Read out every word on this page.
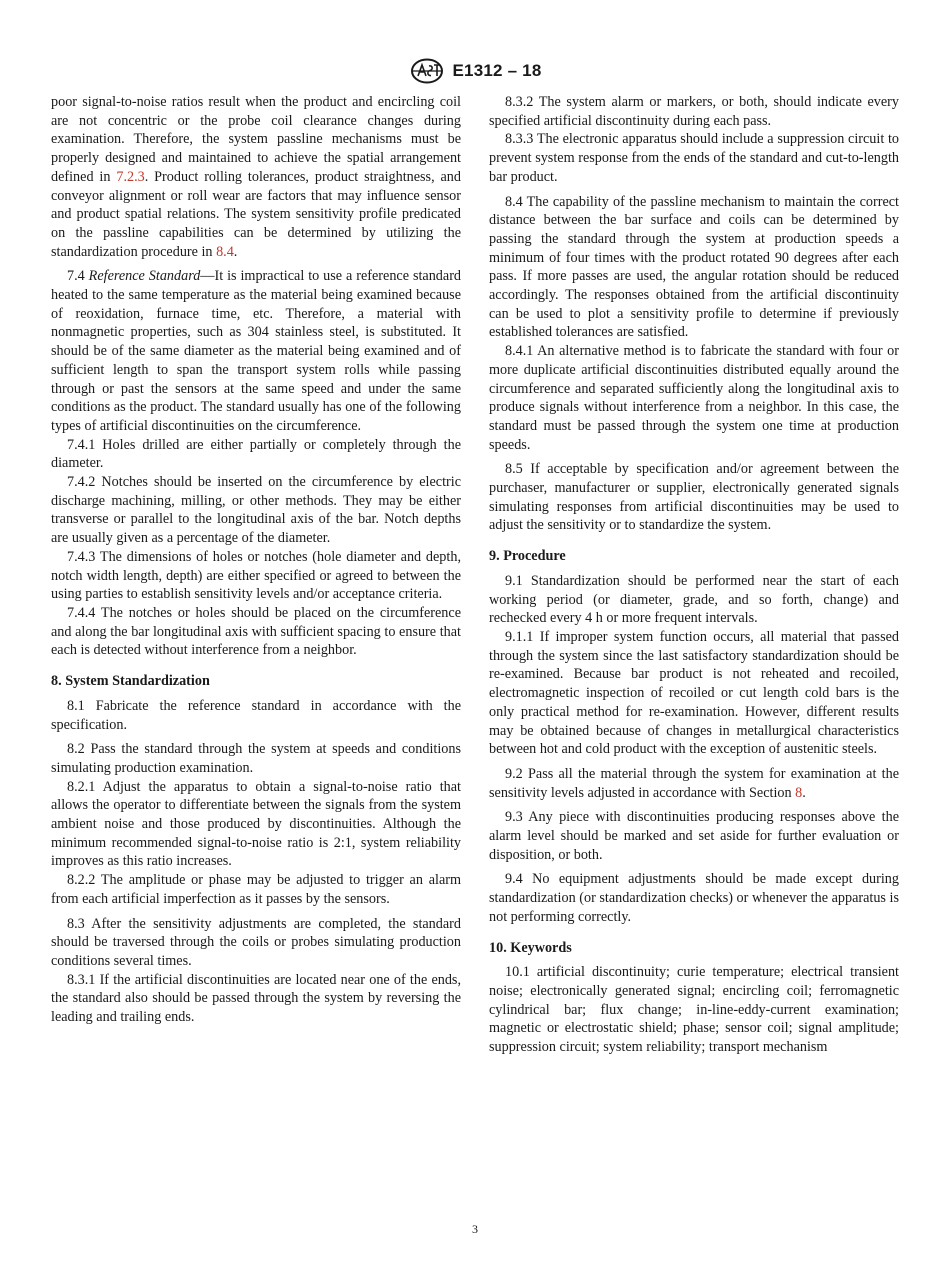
E1312 – 18

poor signal-to-noise ratios result when the product and encircling coil are not concentric or the probe coil clearance changes during examination. Therefore, the system passline mechanisms must be properly designed and maintained to achieve the spatial arrangement defined in 7.2.3. Product rolling tolerances, product straightness, and conveyor alignment or roll wear are factors that may influence sensor and product spatial relations. The system sensitivity profile predicated on the passline capabilities can be determined by utilizing the standardization procedure in 8.4.

7.4 Reference Standard—It is impractical to use a reference standard heated to the same temperature as the material being examined because of reoxidation, furnace time, etc. Therefore, a material with nonmagnetic properties, such as 304 stainless steel, is substituted. It should be of the same diameter as the material being examined and of sufficient length to span the transport system rolls while passing through or past the sensors at the same speed and under the same conditions as the product. The standard usually has one of the following types of artificial discontinuities on the circumference.

7.4.1 Holes drilled are either partially or completely through the diameter.

7.4.2 Notches should be inserted on the circumference by electric discharge machining, milling, or other methods. They may be either transverse or parallel to the longitudinal axis of the bar. Notch depths are usually given as a percentage of the diameter.

7.4.3 The dimensions of holes or notches (hole diameter and depth, notch width length, depth) are either specified or agreed to between the using parties to establish sensitivity levels and/or acceptance criteria.

7.4.4 The notches or holes should be placed on the circumference and along the bar longitudinal axis with sufficient spacing to ensure that each is detected without interference from a neighbor.

8. System Standardization

8.1 Fabricate the reference standard in accordance with the specification.

8.2 Pass the standard through the system at speeds and conditions simulating production examination.

8.2.1 Adjust the apparatus to obtain a signal-to-noise ratio that allows the operator to differentiate between the signals from the system ambient noise and those produced by discontinuities. Although the minimum recommended signal-to-noise ratio is 2:1, system reliability improves as this ratio increases.

8.2.2 The amplitude or phase may be adjusted to trigger an alarm from each artificial imperfection as it passes by the sensors.

8.3 After the sensitivity adjustments are completed, the standard should be traversed through the coils or probes simulating production conditions several times.

8.3.1 If the artificial discontinuities are located near one of the ends, the standard also should be passed through the system by reversing the leading and trailing ends.

8.3.2 The system alarm or markers, or both, should indicate every specified artificial discontinuity during each pass.

8.3.3 The electronic apparatus should include a suppression circuit to prevent system response from the ends of the standard and cut-to-length bar product.

8.4 The capability of the passline mechanism to maintain the correct distance between the bar surface and coils can be determined by passing the standard through the system at production speeds a minimum of four times with the product rotated 90 degrees after each pass. If more passes are used, the angular rotation should be reduced accordingly. The responses obtained from the artificial discontinuity can be used to plot a sensitivity profile to determine if previously established tolerances are satisfied.

8.4.1 An alternative method is to fabricate the standard with four or more duplicate artificial discontinuities distributed equally around the circumference and separated sufficiently along the longitudinal axis to produce signals without interference from a neighbor. In this case, the standard must be passed through the system one time at production speeds.

8.5 If acceptable by specification and/or agreement between the purchaser, manufacturer or supplier, electronically generated signals simulating responses from artificial discontinuities may be used to adjust the sensitivity or to standardize the system.

9. Procedure

9.1 Standardization should be performed near the start of each working period (or diameter, grade, and so forth, change) and rechecked every 4 h or more frequent intervals.

9.1.1 If improper system function occurs, all material that passed through the system since the last satisfactory standardization should be re-examined. Because bar product is not reheated and recoiled, electromagnetic inspection of recoiled or cut length cold bars is the only practical method for re-examination. However, different results may be obtained because of changes in metallurgical characteristics between hot and cold product with the exception of austenitic steels.

9.2 Pass all the material through the system for examination at the sensitivity levels adjusted in accordance with Section 8.

9.3 Any piece with discontinuities producing responses above the alarm level should be marked and set aside for further evaluation or disposition, or both.

9.4 No equipment adjustments should be made except during standardization (or standardization checks) or whenever the apparatus is not performing correctly.

10. Keywords

10.1 artificial discontinuity; curie temperature; electrical transient noise; electronically generated signal; encircling coil; ferromagnetic cylindrical bar; flux change; in-line-eddy-current examination; magnetic or electrostatic shield; phase; sensor coil; signal amplitude; suppression circuit; system reliability; transport mechanism

3
